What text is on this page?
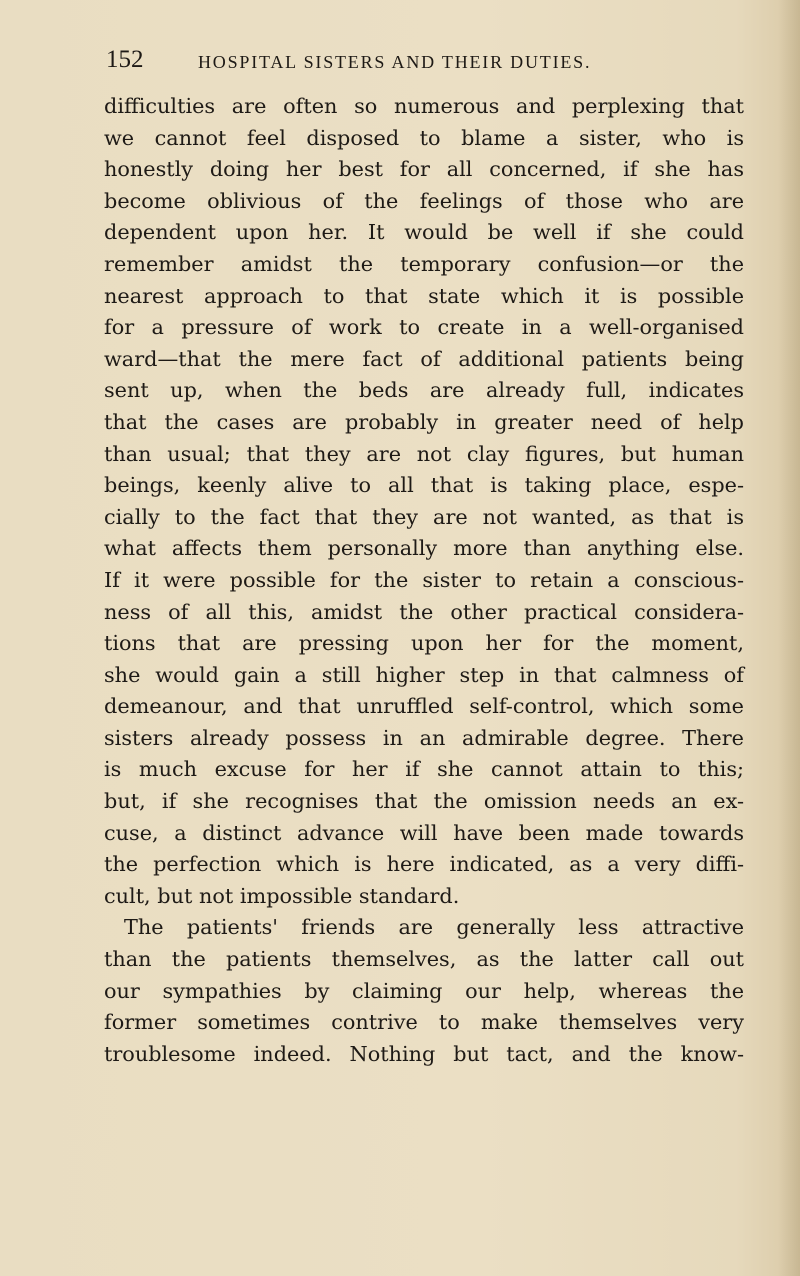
152	HOSPITAL SISTERS AND THEIR DUTIES.
difficulties are often so numerous and perplexing that
we cannot feel disposed to blame a sister, who is
honestly doing her best for all concerned, if she has
become oblivious of the feelings of those who are
dependent upon her. It would be well if she could
remember amidst the temporary confusion—or the
nearest approach to that state which it is possible
for a pressure of work to create in a well-organised
ward—that the mere fact of additional patients being
sent up, when the beds are already full, indicates
that the cases are probably in greater need of help
than usual; that they are not clay figures, but human
beings, keenly alive to all that is taking place, espe-
cially to the fact that they are not wanted, as that is
what affects them personally more than anything else.
If it were possible for the sister to retain a conscious-
ness of all this, amidst the other practical considera-
tions that are pressing upon her for the moment,
she would gain a still higher step in that calmness of
demeanour, and that unruffled self-control, which some
sisters already possess in an admirable degree. There
is much excuse for her if she cannot attain to this;
but, if she recognises that the omission needs an ex-
cuse, a distinct advance will have been made towards
the perfection which is here indicated, as a very diffi-
cult, but not impossible standard.
The patients' friends are generally less attractive
than the patients themselves, as the latter call out
our sympathies by claiming our help, whereas the
former sometimes contrive to make themselves very
troublesome indeed. Nothing but tact, and the know-
